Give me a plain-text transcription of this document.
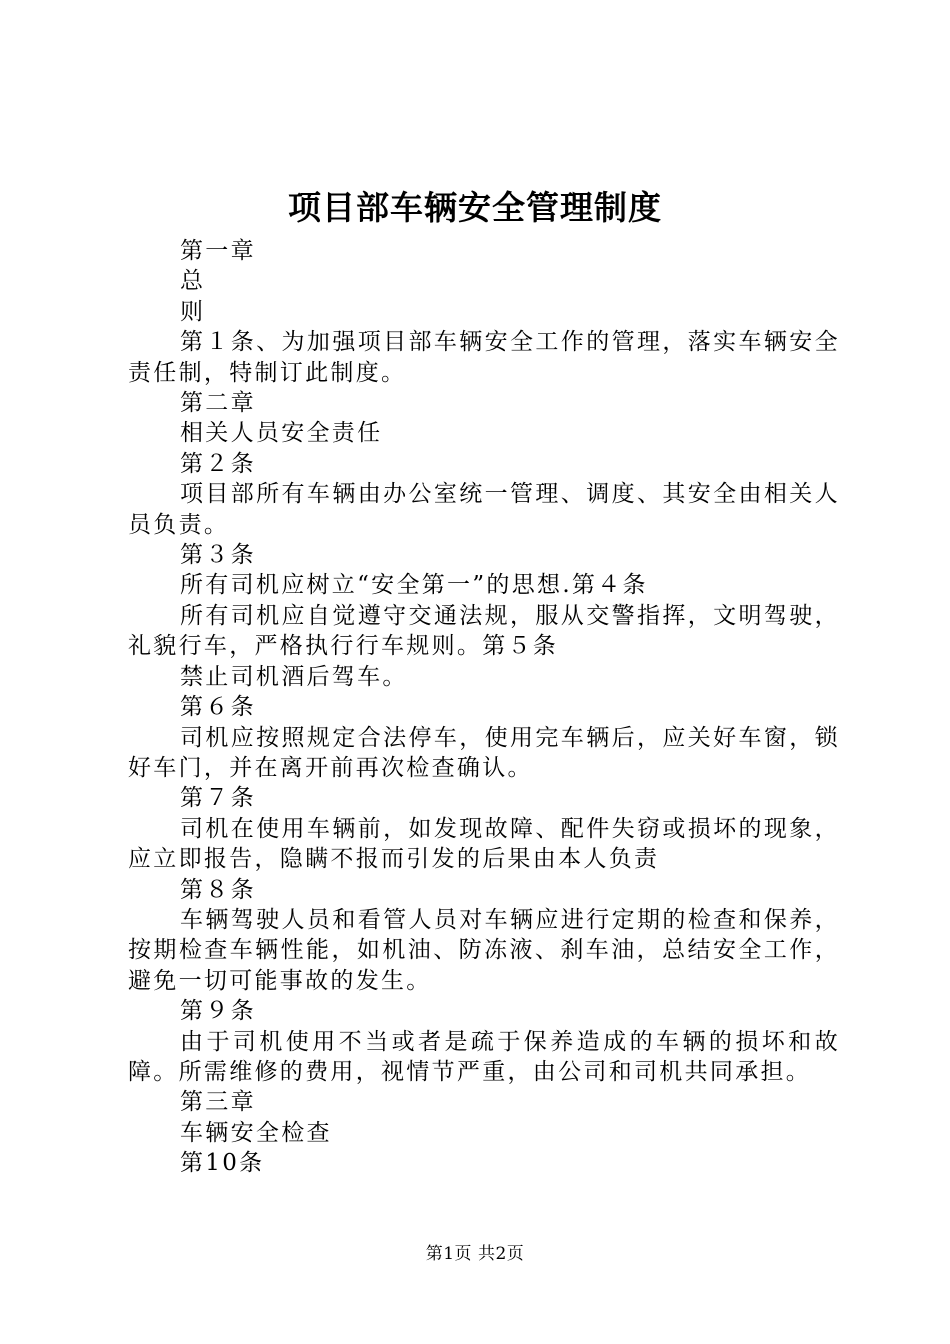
项目部车辆安全管理制度

第一章

总

则

第１条、为加强项目部车辆安全工作的管理，落实车辆安全责任制，特制订此制度。

第二章

相关人员安全责任

第２条

项目部所有车辆由办公室统一管理、调度、其安全由相关人员负责。

第３条

所有司机应树立“安全第一”的思想.第４条

所有司机应自觉遵守交通法规，服从交警指挥，文明驾驶，礼貌行车，严格执行行车规则。第５条

禁止司机酒后驾车。

第６条

司机应按照规定合法停车，使用完车辆后，应关好车窗，锁好车门，并在离开前再次检查确认。

第７条

司机在使用车辆前，如发现故障、配件失窃或损坏的现象，应立即报告，隐瞒不报而引发的后果由本人负责

第８条

车辆驾驶人员和看管人员对车辆应进行定期的检查和保养，按期检查车辆性能，如机油、防冻液、刹车油，总结安全工作，避免一切可能事故的发生。

第９条

由于司机使用不当或者是疏于保养造成的车辆的损坏和故障。所需维修的费用，视情节严重，由公司和司机共同承担。

第三章

车辆安全检查

第10条

第1页 共2页
